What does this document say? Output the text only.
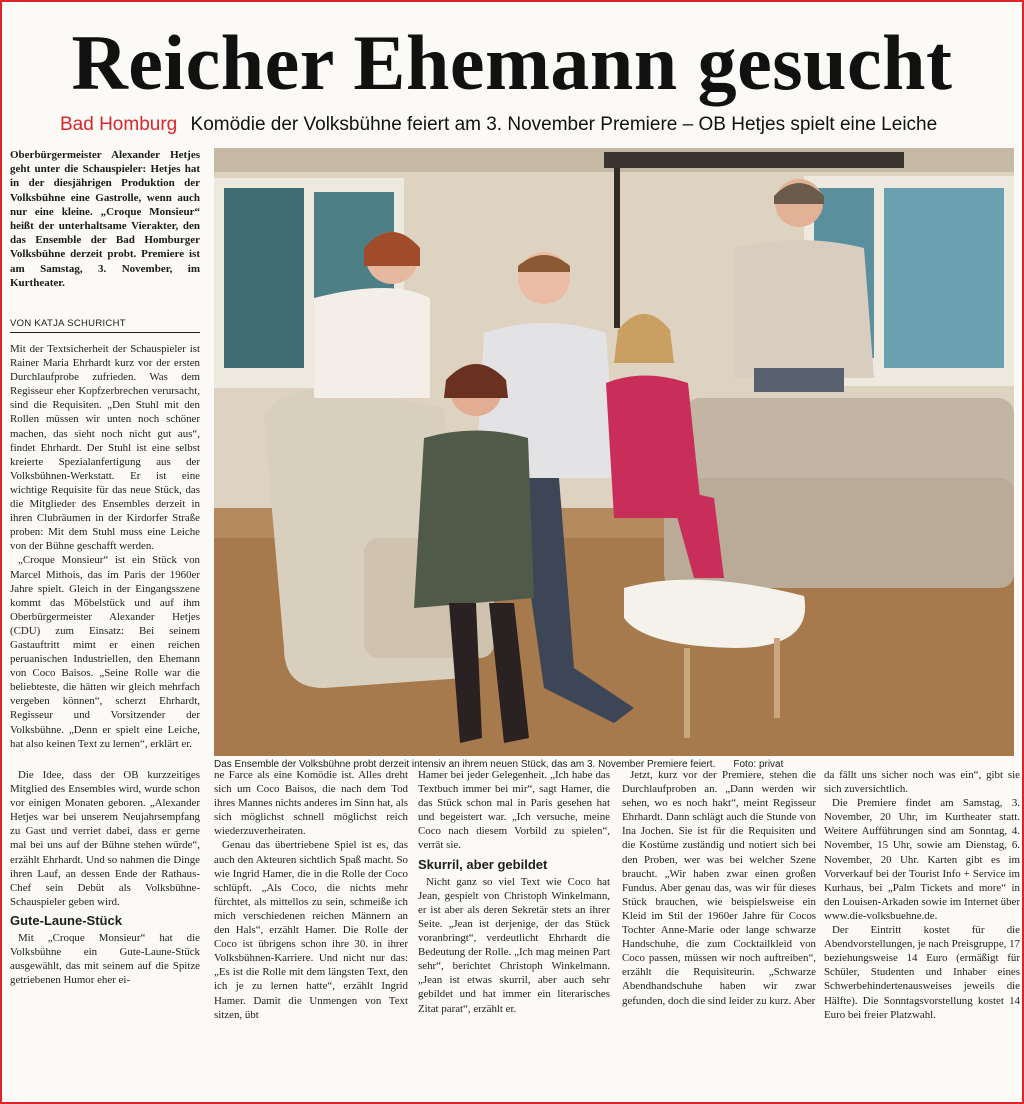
Reicher Ehemann gesucht
Bad Homburg Komödie der Volksbühne feiert am 3. November Premiere – OB Hetjes spielt eine Leiche
Oberbürgermeister Alexander Hetjes geht unter die Schauspieler: Hetjes hat in der diesjährigen Produktion der Volksbühne eine Gastrolle, wenn auch nur eine kleine. „Croque Monsieur“ heißt der unterhaltsame Vierakter, den das Ensemble der Bad Homburger Volksbühne derzeit probt. Premiere ist am Samstag, 3. November, im Kurtheater.
VON KATJA SCHURICHT

Mit der Textsicherheit der Schauspieler ist Rainer Maria Ehrhardt kurz vor der ersten Durchlaufprobe zufrieden. Was dem Regisseur eher Kopfzerbrechen verursacht, sind die Requisiten. „Den Stuhl mit den Rollen müssen wir unten noch schöner machen, das sieht noch nicht gut aus“, findet Ehrhardt. Der Stuhl ist eine selbst kreierte Spezialanfertigung aus der Volksbühnen-Werkstatt. Er ist eine wichtige Requisite für das neue Stück, das die Mitglieder des Ensembles derzeit in ihren Clubräumen in der Kirdorfer Straße proben: Mit dem Stuhl muss eine Leiche von der Bühne geschafft werden.

„Croque Monsieur“ ist ein Stück von Marcel Mithois, das im Paris der 1960er Jahre spielt. Gleich in der Eingangsszene kommt das Möbelstück und auf ihm Oberbürgermeister Alexander Hetjes (CDU) zum Einsatz: Bei seinem Gastauftritt mimt er einen reichen peruanischen Industriellen, den Ehemann von Coco Baisos. „Seine Rolle war die beliebteste, die hätten wir gleich mehrfach vergeben können“, scherzt Ehrhardt, Regisseur und Vorsitzender der Volksbühne. „Denn er spielt eine Leiche, hat also keinen Text zu lernen“, erklärt er.

Die Idee, dass der OB kurzzeitiges Mitglied des Ensembles wird, wurde schon vor einigen Monaten geboren. „Alexander Hetjes war bei unserem Neujahrsempfang zu Gast und verriet dabei, dass er gerne mal bei uns auf der Bühne stehen würde“, erzählt Ehrhardt. Und so nahmen die Dinge ihren Lauf, an dessen Ende der Rathaus-Chef sein Debüt als Volksbühne-Schauspieler geben wird.

Gute-Laune-Stück

Mit „Croque Monsieur“ hat die Volksbühne ein Gute-Laune-Stück ausgewählt, das mit seinem auf die Spitze getriebenen Humor eher ei-

ne Farce als eine Komödie ist. Alles dreht sich um Coco Baisos, die nach dem Tod ihres Mannes nichts anderes im Sinn hat, als sich möglichst schnell möglichst reich wiederzuverheiraten.

Genau das übertriebene Spiel ist es, das auch den Akteuren sichtlich Spaß macht. So wie Ingrid Hamer, die in die Rolle der Coco schlüpft. „Als Coco, die nichts mehr fürchtet, als mittellos zu sein, schmeiße ich mich verschiedenen reichen Männern an den Hals“, erzählt Hamer. Die Rolle der Coco ist übrigens schon ihre 30. in ihrer Volksbühnen-Karriere. Und nicht nur das: „Es ist die Rolle mit dem längsten Text, den ich je zu lernen hatte“, erzählt Ingrid Hamer. Damit die Unmengen von Text sitzen, übt

Hamer bei jeder Gelegenheit. „Ich habe das Textbuch immer bei mir“, sagt Hamer, die das Stück schon mal in Paris gesehen hat und begeistert war. „Ich versuche, meine Coco nach diesem Vorbild zu spielen“, verrät sie.

Skurril, aber gebildet

Nicht ganz so viel Text wie Coco hat Jean, gespielt von Christoph Winkelmann, er ist aber als deren Sekretär stets an ihrer Seite. „Jean ist derjenige, der das Stück voranbringt“, verdeutlicht Ehrhardt die Bedeutung der Rolle. „Ich mag meinen Part sehr“, berichtet Christoph Winkelmann. „Jean ist etwas skurril, aber auch sehr gebildet und hat immer ein literarisches Zitat parat“, erzählt er.

Jetzt, kurz vor der Premiere, stehen die Durchlaufproben an. „Dann werden wir sehen, wo es noch hakt“, meint Regisseur Ehrhardt. Dann schlägt auch die Stunde von Ina Jochen. Sie ist für die Requisiten und die Kostüme zuständig und notiert sich bei den Proben, wer was bei welcher Szene braucht. „Wir haben zwar einen großen Fundus. Aber genau das, was wir für dieses Stück brauchen, wie beispielsweise ein Kleid im Stil der 1960er Jahre für Cocos Tochter Anne-Marie oder lange schwarze Handschuhe, die zum Cocktailkleid von Coco passen, müssen wir noch auftreiben“, erzählt die Requisiteurin. „Schwarze Abendhandschuhe haben wir zwar gefunden, doch die sind leider zu kurz. Aber

da fällt uns sicher noch was ein“, gibt sie sich zuversichtlich.

Die Premiere findet am Samstag, 3. November, 20 Uhr, im Kurtheater statt. Weitere Aufführungen sind am Sonntag, 4. November, 15 Uhr, sowie am Dienstag, 6. November, 20 Uhr. Karten gibt es im Vorverkauf bei der Tourist Info + Service im Kurhaus, bei „Palm Tickets and more“ in den Louisen-Arkaden sowie im Internet über www.die-volksbuehne.de.

Der Eintritt kostet für die Abendvorstellungen, je nach Preisgruppe, 17 beziehungsweise 14 Euro (ermäßigt für Schüler, Studenten und Inhaber eines Schwerbehindertenausweises jeweils die Hälfte). Die Sonntagsvorstellung kostet 14 Euro bei freier Platzwahl.

Das Ensemble der Volksbühne probt derzeit intensiv an ihrem neuen Stück, das am 3. November Premiere feiert. Foto: privat
